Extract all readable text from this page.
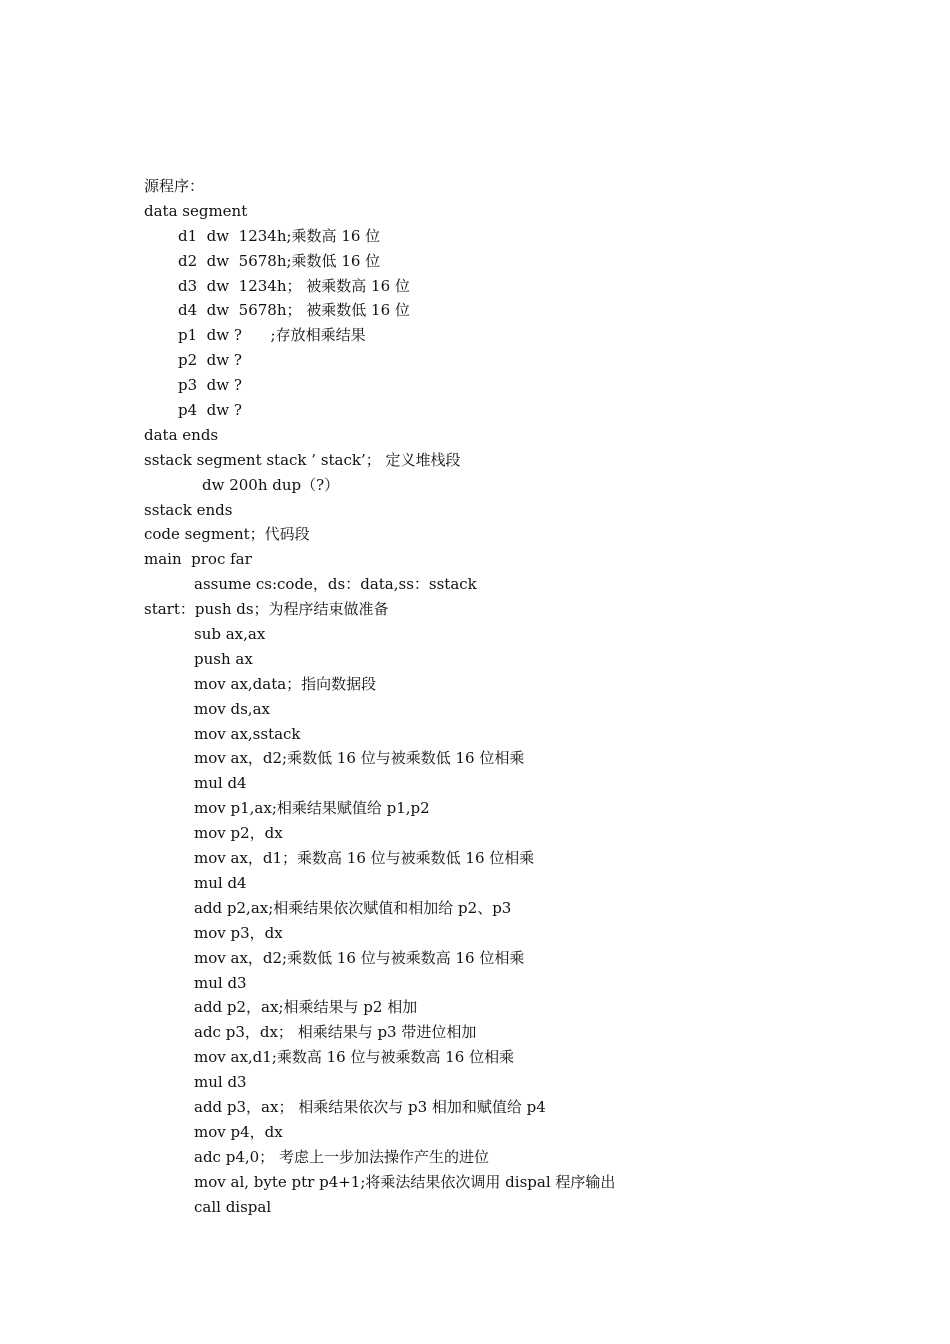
源程序：
data segment
d1  dw  1234h;乘数高 16 位
d2  dw  5678h;乘数低 16 位
d3  dw  1234h； 被乘数高 16 位
d4  dw  5678h； 被乘数低 16 位
p1  dw ?      ;存放相乘结果
p2  dw ?
p3  dw ?
p4  dw ?
data ends
sstack segment stack ’ stack’； 定义堆栈段
dw 200h dup（?）
sstack ends
code segment；代码段
main  proc far
assume cs:code，ds：data,ss：sstack
start：push ds；为程序结束做准备
sub ax,ax
push ax
mov ax,data；指向数据段
mov ds,ax
mov ax,sstack
mov ax，d2;乘数低 16 位与被乘数低 16 位相乘
mul d4
mov p1,ax;相乘结果赋值给 p1,p2
mov p2，dx
mov ax，d1；乘数高 16 位与被乘数低 16 位相乘
mul d4
add p2,ax;相乘结果依次赋值和相加给 p2、p3
mov p3，dx
mov ax，d2;乘数低 16 位与被乘数高 16 位相乘
mul d3
add p2，ax;相乘结果与 p2 相加
adc p3，dx； 相乘结果与 p3 带进位相加
mov ax,d1;乘数高 16 位与被乘数高 16 位相乘
mul d3
add p3，ax； 相乘结果依次与 p3 相加和赋值给 p4
mov p4，dx
adc p4,0； 考虑上一步加法操作产生的进位
mov al, byte ptr p4+1;将乘法结果依次调用 dispal 程序输出
call dispal
